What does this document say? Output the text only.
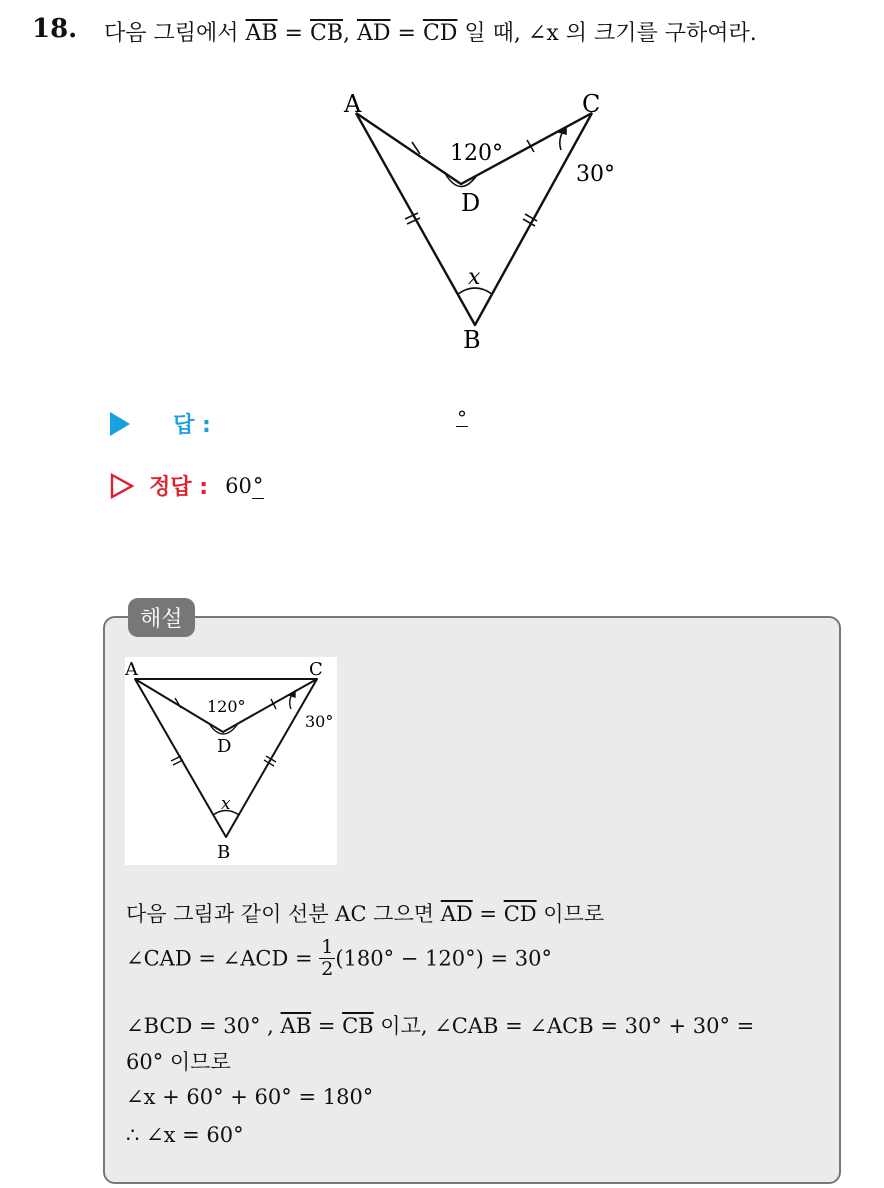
18. 다음 그림에서 $\overline{AB} = \overline{CB}$, $\overline{AD} = \overline{CD}$ 일 때, ∠x 의 크기를 구하여라.
A	C
D
B
120°
30°
x
답 :	°
정답 : 60°
해설
A	C
D
B
120°
30°
x
다음 그림과 같이 선분 AC 그으면 $\overline{AD} = \overline{CD}$ 이므로
∠CAD = ∠ACD = $\frac{1}{2} (180^\circ - 120^\circ) = 30^\circ$
∠BCD = 30° , $\overline{AB} = \overline{CB}$ 이고, ∠CAB = ∠ACB = 30° + 30° =
60° 이므로
∠x + 60° + 60° = 180°
∴ ∠x = 60°
